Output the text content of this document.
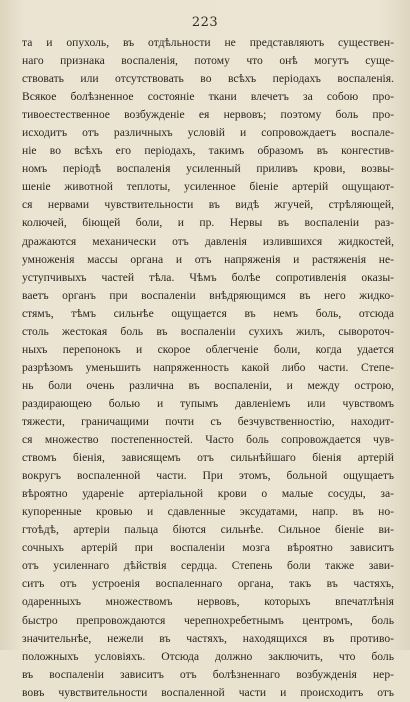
223
та и опухоль, въ отдѣльности не представляютъ существен-
наго признака воспаленія, потому что онѣ могутъ суще-
ствовать или отсутствовать во всѣхъ періодахъ воспаленія.
Всякое болѣзненное состояніе ткани влечетъ за собою про-
тивоестественное возбужденіе ея нервовъ; поэтому боль про-
исходитъ отъ различныхъ условій и сопровождаетъ воспале-
ніе во всѣхъ его періодахъ, такимъ образомъ въ конгестив-
номъ періодѣ воспаленія усиленный приливъ крови, возвы-
шеніе животной теплоты, усиленное біеніе артерій ощущают-
ся нервами чувствительности въ видѣ жгучей, стрѣляющей,
колючей, біющей боли, и пр. Нервы въ воспаленіи раз-
дражаются механически отъ давленія излившихся жидкостей,
умноженія массы органа и отъ напряженія и растяженія не-
уступчивыхъ частей тѣла. Чѣмъ болѣе сопротивленія оказы-
ваетъ органъ при воспаленіи внѣдряющимся въ него жидко-
стямъ, тѣмъ сильнѣе ощущается въ немъ боль, отсюда
столь жестокая боль въ воспаленіи сухихъ жилъ, сывороточ-
ныхъ перепонокъ и скорое облегченіе боли, когда удается
разрѣзомъ уменьшить напряженность какой либо части. Степе-
нь боли очень различна въ воспаленіи, и между острою,
раздирающею болью и тупымъ давленіемъ или чувствомъ
тяжести, граничащими почти съ безчувственностію, находит-
ся множество постепенностей. Часто боль сопровождается чув-
ствомъ біенія, зависящемъ отъ сильнѣйшаго біенія артерій
вокругъ воспаленной части. При этомъ, больной ощущаетъ
вѣроятно удареніе артеріальной крови о малые сосуды, за-
купоренные кровью и сдавленные эксудатами, напр. въ но-
гтоѣдѣ, артеріи пальца біются сильнѣе. Сильное біеніе ви-
сочныхъ артерій при воспаленіи мозга вѣроятно зависитъ
отъ усиленнаго дѣйствія сердца. Степень боли также зави-
ситъ отъ устроенія воспаленнаго органа, такъ въ частяхъ,
одаренныхъ множествомъ нервовъ, которыхъ впечатлѣнія
быстро препровождаются черепнохребетнымъ центромъ, боль
значительнѣе, нежели въ частяхъ, находящихся въ противо-
положныхъ условіяхъ. Отсюда должно заключить, что боль
въ воспаленіи зависитъ отъ болѣзненнаго возбужденія нер-
вовъ чувствительности воспаленной части и происходитъ отъ
